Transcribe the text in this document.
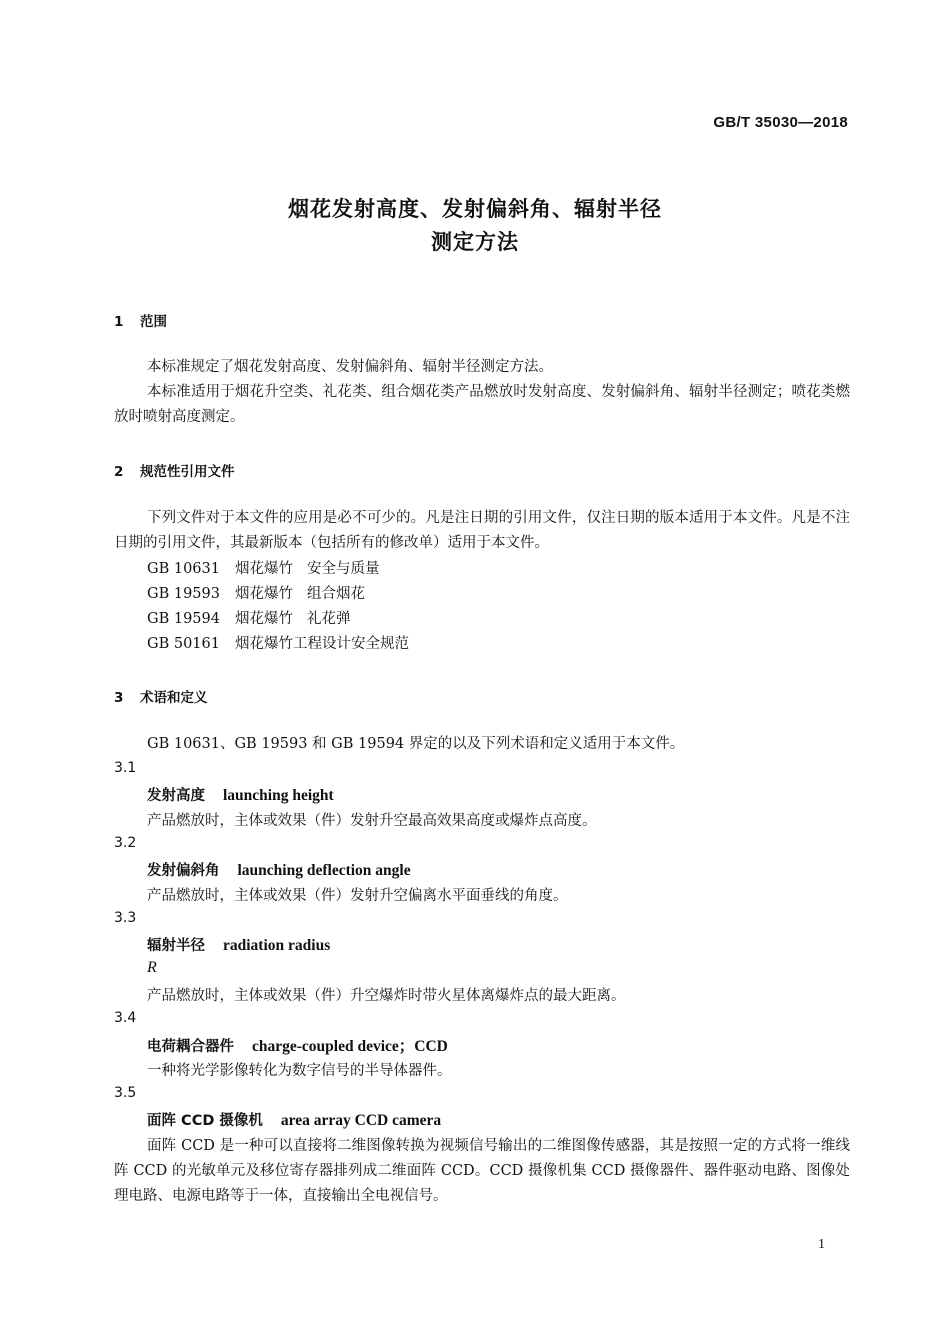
GB/T 35030—2018
烟花发射高度、发射偏斜角、辐射半径
测定方法
1 范围
本标准规定了烟花发射高度、发射偏斜角、辐射半径测定方法。
本标准适用于烟花升空类、礼花类、组合烟花类产品燃放时发射高度、发射偏斜角、辐射半径测定；喷花类燃放时喷射高度测定。
2 规范性引用文件
下列文件对于本文件的应用是必不可少的。凡是注日期的引用文件，仅注日期的版本适用于本文件。凡是不注日期的引用文件，其最新版本（包括所有的修改单）适用于本文件。
GB 10631 烟花爆竹 安全与质量
GB 19593 烟花爆竹 组合烟花
GB 19594 烟花爆竹 礼花弹
GB 50161 烟花爆竹工程设计安全规范
3 术语和定义
GB 10631、GB 19593 和 GB 19594 界定的以及下列术语和定义适用于本文件。
3.1
发射高度 launching height
产品燃放时，主体或效果（件）发射升空最高效果高度或爆炸点高度。
3.2
发射偏斜角 launching deflection angle
产品燃放时，主体或效果（件）发射升空偏离水平面垂线的角度。
3.3
辐射半径 radiation radius
R
产品燃放时，主体或效果（件）升空爆炸时带火星体离爆炸点的最大距离。
3.4
电荷耦合器件 charge-coupled device；CCD
一种将光学影像转化为数字信号的半导体器件。
3.5
面阵 CCD 摄像机 area array CCD camera
面阵 CCD 是一种可以直接将二维图像转换为视频信号输出的二维图像传感器，其是按照一定的方式将一维线阵 CCD 的光敏单元及移位寄存器排列成二维面阵 CCD。CCD 摄像机集 CCD 摄像器件、器件驱动电路、图像处理电路、电源电路等于一体，直接输出全电视信号。
1
